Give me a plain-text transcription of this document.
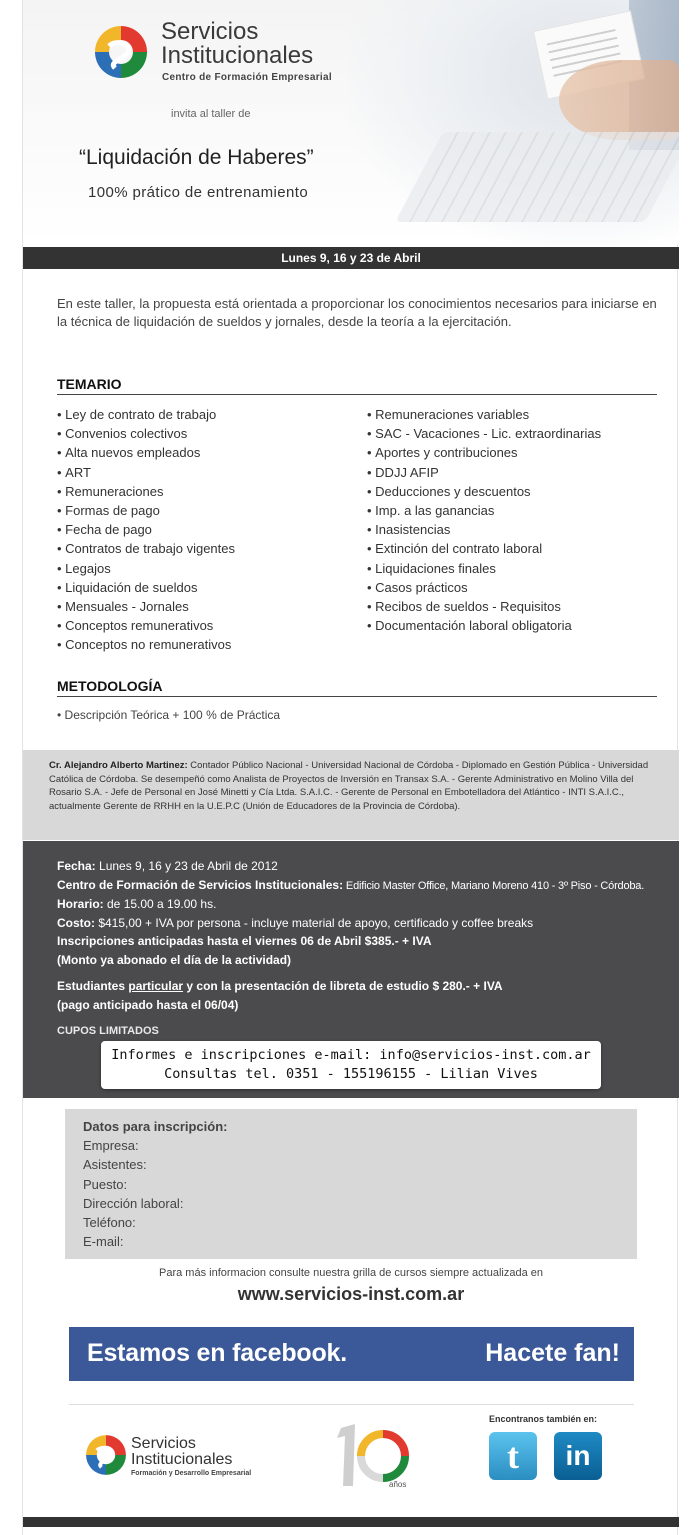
Servicios
Institucionales
Centro de Formación Empresarial
invita al taller de
“Liquidación de Haberes”
100% prático de entrenamiento
Lunes 9, 16 y 23 de Abril

En este taller, la propuesta está orientada a proporcionar los conocimientos necesarios para iniciarse en la técnica de liquidación de sueldos y jornales, desde la teoría a la ejercitación.

TEMARIO
• Ley de contrato de trabajo
• Convenios colectivos
• Alta nuevos empleados
• ART
• Remuneraciones
• Formas de pago
• Fecha de pago
• Contratos de trabajo vigentes
• Legajos
• Liquidación de sueldos
• Mensuales - Jornales
• Conceptos remunerativos
• Conceptos no remunerativos
• Remuneraciones variables
• SAC - Vacaciones - Lic. extraordinarias
• Aportes y contribuciones
• DDJJ AFIP
• Deducciones y descuentos
• Imp. a las ganancias
• Inasistencias
• Extinción del contrato laboral
• Liquidaciones finales
• Casos prácticos
• Recibos de sueldos - Requisitos
• Documentación laboral obligatoria
METODOLOGÍA
• Descripción Teórica + 100 % de Práctica
Cr. Alejandro Alberto Martinez: Contador Público Nacional - Universidad Nacional de Córdoba - Diplomado en Gestión Pública - Universidad Católica de Córdoba. Se desempeñó como Analista de Proyectos de Inversión en Transax S.A. - Gerente Administrativo en Molino Villa del Rosario S.A. - Jefe de Personal en José Minetti y Cía Ltda. S.A.I.C. - Gerente de Personal en Embotelladora del Atlántico - INTI S.A.I.C., actualmente Gerente de RRHH en la U.E.P.C (Unión de Educadores de la Provincia de Córdoba).
Fecha: Lunes 9, 16 y 23 de Abril de 2012
Centro de Formación de Servicios Institucionales: Edificio Master Office, Mariano Moreno 410 - 3º Piso - Córdoba.
Horario: de 15.00 a 19.00 hs.
Costo: $415,00 + IVA por persona - incluye material de apoyo, certificado y coffee breaks
Inscripciones anticipadas hasta el viernes 06 de Abril $385.- + IVA
(Monto ya abonado el día de la actividad)
Estudiantes particular y con la presentación de libreta de estudio $ 280.- + IVA
(pago anticipado hasta el 06/04)
CUPOS LIMITADOS
Informes e inscripciones e-mail: info@servicios-inst.com.ar
Consultas tel. 0351 - 155196155 - Lilian Vives
Datos para inscripción:
Empresa:
Asistentes:
Puesto:
Dirección laboral:
Teléfono:
E-mail:
Para más informacion consulte nuestra grilla de cursos siempre actualizada en
www.servicios-inst.com.ar
Estamos en facebook.	Hacete fan!
Servicios
Institucionales
Formación y Desarrollo Empresarial
años
Encontranos también en:
t	in
